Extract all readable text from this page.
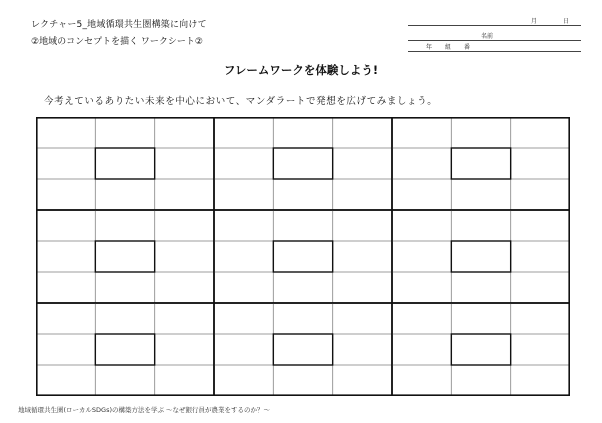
レクチャー5_地域循環共生圏構築に向けて
②地域のコンセプトを描く ワークシート②
月	日
名前
年 組 番
フレームワークを体験しよう!
今考えているありたい未来を中心において、マンダラートで発想を広げてみましょう。
地域循環共生圏(ローカルSDGs)の構築方法を学ぶ ～なぜ銀行員が農業をするのか？～
